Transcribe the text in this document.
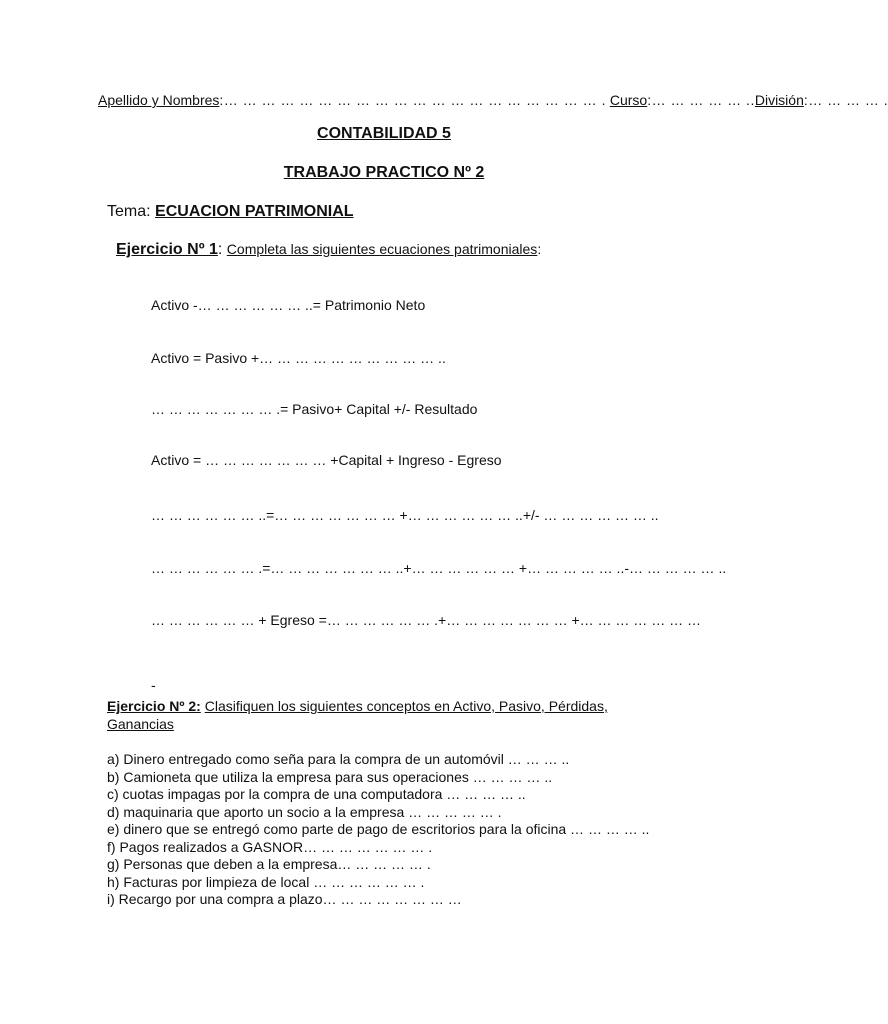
Apellido y Nombres:… … … … … … … … … … … … … … … … … … … … . Curso:… … … … … ..División:… … … … .
CONTABILIDAD 5
TRABAJO PRACTICO Nº 2
Tema: ECUACION PATRIMONIAL
Ejercicio Nº 1: Completa las siguientes ecuaciones patrimoniales:
Activo -… … … … … … ..= Patrimonio Neto
Activo = Pasivo +… … … … … … … … … … ..
… … … … … … … .= Pasivo+ Capital +/- Resultado
Activo = … … … … … … … +Capital + Ingreso - Egreso
… … … … … … ..=… … … … … … … +… … … … … … ..+/- … … … … … … ..
… … … … … … .=… … … … … … … ..+… … … … … … +… … … … … ..-… … … … … ..
… … … … … … + Egreso =… … … … … … .+… … … … … … … +… … … … … … …
-
Ejercicio Nº 2: Clasifiquen los siguientes conceptos en Activo, Pasivo, Pérdidas,
Ganancias
a) Dinero entregado como seña para la compra de un automóvil … … … ..
b) Camioneta que utiliza la empresa para sus operaciones … … … … ..
c) cuotas impagas por la compra de una computadora … … … … ..
d) maquinaria que aporto un socio a la empresa … … … … … .
e) dinero que se entregó como parte de pago de escritorios para la oficina … … … … ..
f) Pagos realizados a GASNOR… … … … … … … .
g) Personas que deben a la empresa… … … … … .
h) Facturas por limpieza de local … … … … … … .
i) Recargo por una compra a plazo… … … … … … … …
